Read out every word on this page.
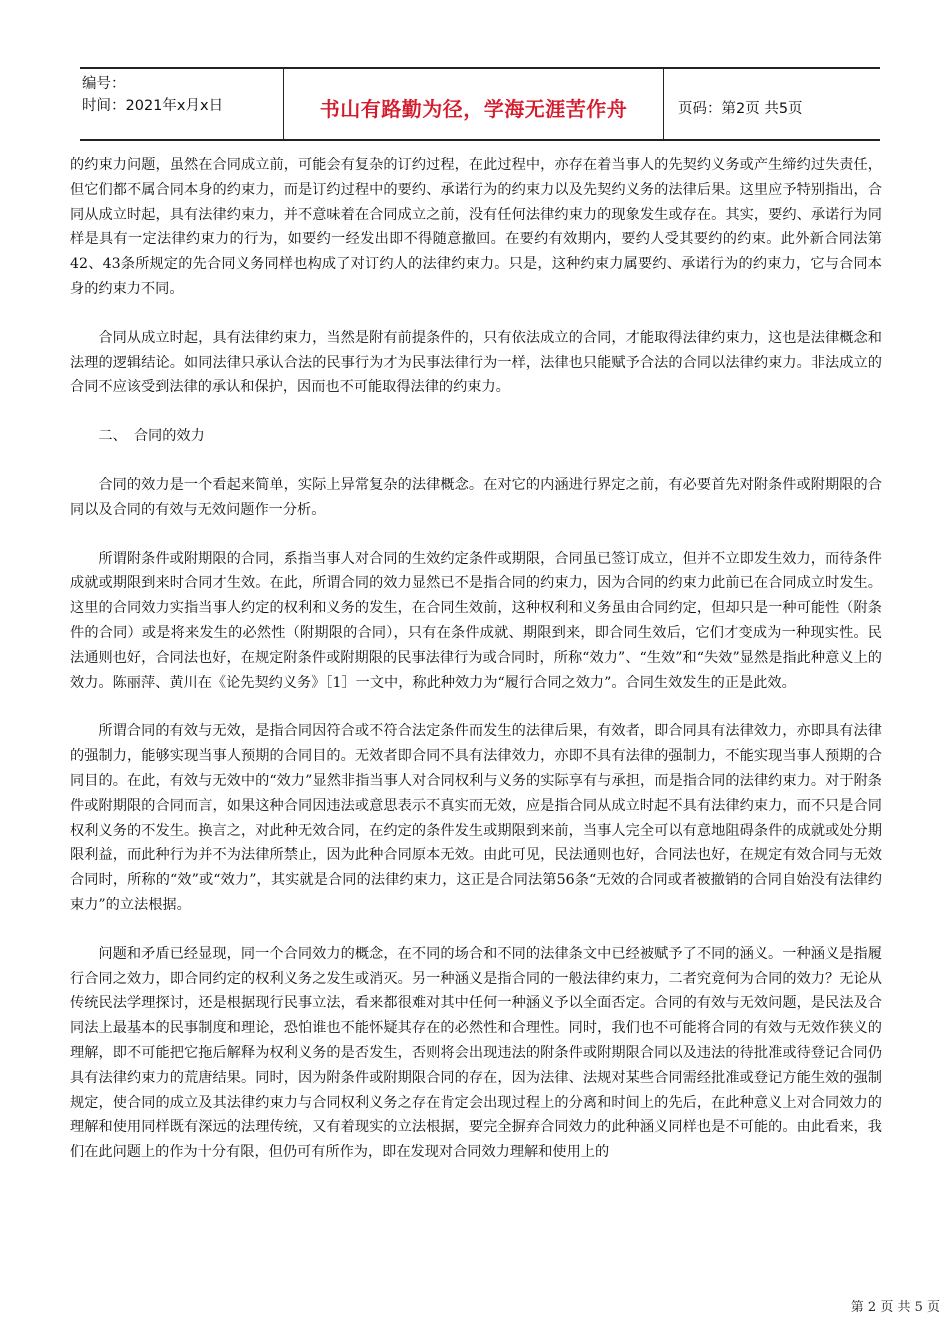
编号：
时间：2021年x月x日	书山有路勤为径，学海无涯苦作舟	页码：第2页 共5页

的约束力问题，虽然在合同成立前，可能会有复杂的订约过程，在此过程中，亦存在着当事人的先契约义务或产生缔约过失责任，但它们都不属合同本身的约束力，而是订约过程中的要约、承诺行为的约束力以及先契约义务的法律后果。这里应予特别指出，合同从成立时起，具有法律约束力，并不意味着在合同成立之前，没有任何法律约束力的现象发生或存在。其实，要约、承诺行为同样是具有一定法律约束力的行为，如要约一经发出即不得随意撤回。在要约有效期内，要约人受其要约的约束。此外新合同法第42、43条所规定的先合同义务同样也构成了对订约人的法律约束力。只是，这种约束力属要约、承诺行为的约束力，它与合同本身的约束力不同。

合同从成立时起，具有法律约束力，当然是附有前提条件的，只有依法成立的合同，才能取得法律约束力，这也是法律概念和法理的逻辑结论。如同法律只承认合法的民事行为才为民事法律行为一样，法律也只能赋予合法的合同以法律约束力。非法成立的合同不应该受到法律的承认和保护，因而也不可能取得法律的约束力。

二、　合同的效力

合同的效力是一个看起来简单，实际上异常复杂的法律概念。在对它的内涵进行界定之前，有必要首先对附条件或附期限的合同以及合同的有效与无效问题作一分析。

所谓附条件或附期限的合同，系指当事人对合同的生效约定条件或期限，合同虽已签订成立，但并不立即发生效力，而待条件成就或期限到来时合同才生效。在此，所谓合同的效力显然已不是指合同的约束力，因为合同的约束力此前已在合同成立时发生。这里的合同效力实指当事人约定的权利和义务的发生，在合同生效前，这种权利和义务虽由合同约定，但却只是一种可能性（附条件的合同）或是将来发生的必然性（附期限的合同），只有在条件成就、期限到来，即合同生效后，它们才变成为一种现实性。民法通则也好，合同法也好，在规定附条件或附期限的民事法律行为或合同时，所称“效力”、“生效”和“失效”显然是指此种意义上的效力。陈丽萍、黄川在《论先契约义务》［1］一文中，称此种效力为“履行合同之效力”。合同生效发生的正是此效。

所谓合同的有效与无效，是指合同因符合或不符合法定条件而发生的法律后果，有效者，即合同具有法律效力，亦即具有法律的强制力，能够实现当事人预期的合同目的。无效者即合同不具有法律效力，亦即不具有法律的强制力，不能实现当事人预期的合同目的。在此，有效与无效中的“效力”显然非指当事人对合同权利与义务的实际享有与承担，而是指合同的法律约束力。对于附条件或附期限的合同而言，如果这种合同因违法或意思表示不真实而无效，应是指合同从成立时起不具有法律约束力，而不只是合同权利义务的不发生。换言之，对此种无效合同，在约定的条件发生或期限到来前，当事人完全可以有意地阻碍条件的成就或处分期限利益，而此种行为并不为法律所禁止，因为此种合同原本无效。由此可见，民法通则也好，合同法也好，在规定有效合同与无效合同时，所称的“效”或“效力”，其实就是合同的法律约束力，这正是合同法第56条“无效的合同或者被撤销的合同自始没有法律约束力”的立法根据。

问题和矛盾已经显现，同一个合同效力的概念，在不同的场合和不同的法律条文中已经被赋予了不同的涵义。一种涵义是指履行合同之效力，即合同约定的权利义务之发生或消灭。另一种涵义是指合同的一般法律约束力，二者究竟何为合同的效力？无论从传统民法学理探讨，还是根据现行民事立法，看来都很难对其中任何一种涵义予以全面否定。合同的有效与无效问题，是民法及合同法上最基本的民事制度和理论，恐怕谁也不能怀疑其存在的必然性和合理性。同时，我们也不可能将合同的有效与无效作狭义的理解，即不可能把它拖后解释为权利义务的是否发生，否则将会出现违法的附条件或附期限合同以及违法的待批准或待登记合同仍具有法律约束力的荒唐结果。同时，因为附条件或附期限合同的存在，因为法律、法规对某些合同需经批准或登记方能生效的强制规定，使合同的成立及其法律约束力与合同权利义务之存在肯定会出现过程上的分离和时间上的先后，在此种意义上对合同效力的理解和使用同样既有深远的法理传统，又有着现实的立法根据，要完全摒弃合同效力的此种涵义同样也是不可能的。由此看来，我们在此问题上的作为十分有限，但仍可有所作为，即在发现对合同效力理解和使用上的

第 2 页 共 5 页
